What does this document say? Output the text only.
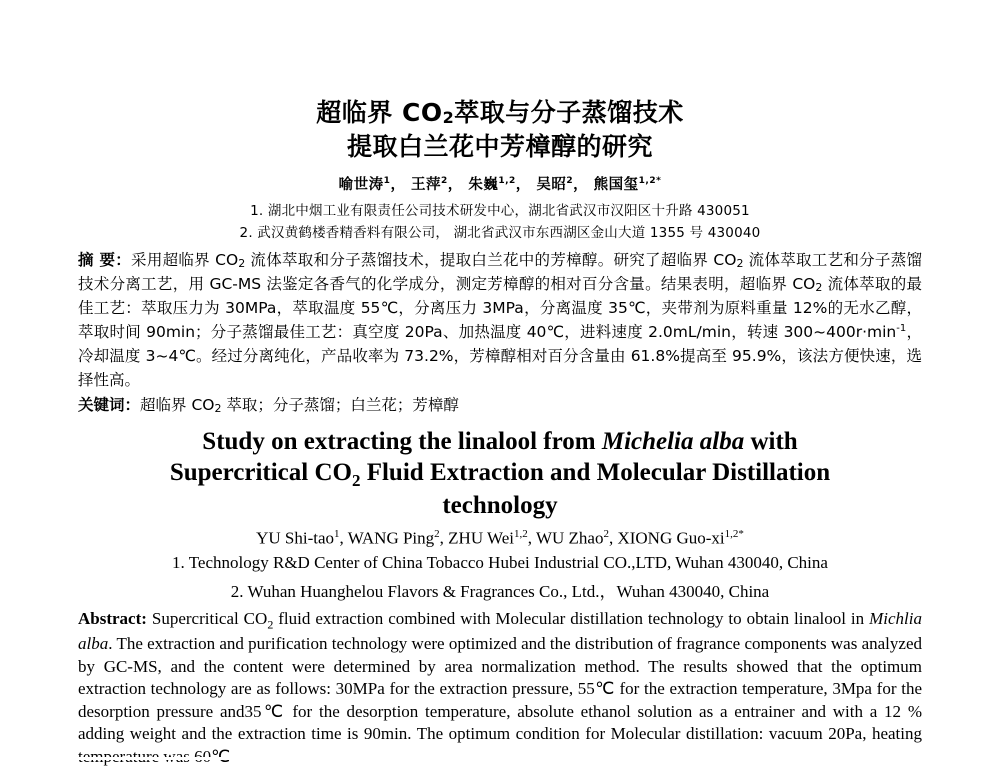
超临界 CO2萃取与分子蒸馏技术
提取白兰花中芳樟醇的研究
喻世涛$^1$， 王萍$^2$， 朱巍$^{1,2}$， 吴昭$^2$， 熊国玺$^{1,2*}$
1. 湖北中烟工业有限责任公司技术研发中心，湖北省武汉市汉阳区十升路 430051
2. 武汉黄鹤楼香精香料有限公司， 湖北省武汉市东西湖区金山大道 1355 号 430040
摘 要：采用超临界 CO2 流体萃取和分子蒸馏技术，提取白兰花中的芳樟醇。研究了超临界 CO2 流体萃取工艺和分子蒸馏技术分离工艺，用 GC-MS 法鉴定各香气的化学成分，测定芳樟醇的相对百分含量。结果表明，超临界 CO2 流体萃取的最佳工艺：萃取压力为 30MPa，萃取温度 55℃，分离压力 3MPa，分离温度 35℃，夹带剂为原料重量 12%的无水乙醇，萃取时间 90min；分子蒸馏最佳工艺：真空度 20Pa、加热温度 40℃，进料速度 2.0mL/min，转速 $300\sim 400r\cdot\min^{-1}$，冷却温度 3~4℃。经过分离纯化，产品收率为 73.2%，芳樟醇相对百分含量由 61.8%提高至 95.9%，该法方便快速，选择性高。
关键词：超临界 CO2 萃取；分子蒸馏；白兰花；芳樟醇
Study on extracting the linalool from Michelia alba with
Supercritical $CO_2$ Fluid Extraction and Molecular Distillation
technology
YU Shi-tao$^1$, WANG Ping$^2$, ZHU Wei$^{1,2}$, WU Zhao$^2$, XIONG Guo-$xi^{1,2*}$
1. Technology R&D Center of China Tobacco Hubei Industrial CO.,LTD, Wuhan 430040, China
2. Wuhan Huanghelou Flavors & Fragrances Co., Ltd.，Wuhan 430040, China
Abstract: Supercritical $CO_2$ fluid extraction combined with Molecular distillation technology to obtain linalool in Michlia alba. The extraction and purification technology were optimized and the distribution of fragrance components was analyzed by GC-MS, and the content were determined by area normalization method. The results showed that the optimum extraction technology are as follows: 30MPa for the extraction pressure, 55℃ for the extraction temperature, 3Mpa for the desorption pressure and35℃ for the desorption temperature, absolute ethanol solution as a entrainer and with a 12 % adding weight and the extraction time is 90min. The optimum condition for Molecular distillation: vacuum 20Pa, heating
